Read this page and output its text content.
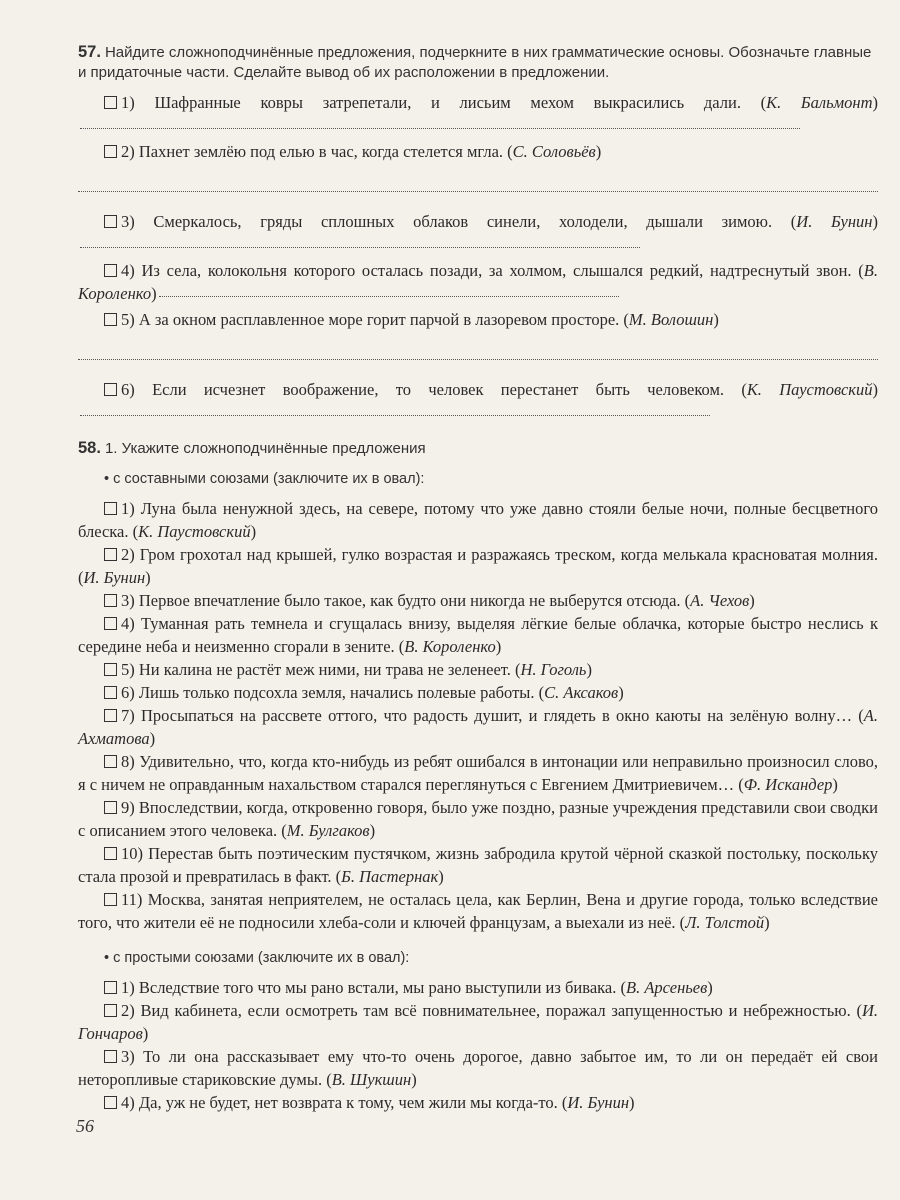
57. Найдите сложноподчинённые предложения, подчеркните в них грамматические основы. Обозначьте главные и придаточные части. Сделайте вывод об их расположении в предложении.
1) Шафранные ковры затрепетали, и лисьим мехом выкрасились дали. (К. Бальмонт)
2) Пахнет землёю под елью в час, когда стелется мгла. (С. Соловьёв)
3) Смеркалось, гряды сплошных облаков синели, холодели, дышали зимою. (И. Бунин)
4) Из села, колокольня которого осталась позади, за холмом, слышался редкий, надтреснутый звон. (В. Короленко)
5) А за окном расплавленное море горит парчой в лазоревом просторе. (М. Волошин)
6) Если исчезнет воображение, то человек перестанет быть человеком. (К. Паустовский)
58. 1. Укажите сложноподчинённые предложения
• с составными союзами (заключите их в овал):
1) Луна была ненужной здесь, на севере, потому что уже давно стояли белые ночи, полные бесцветного блеска. (К. Паустовский)
2) Гром грохотал над крышей, гулко возрастая и разражаясь треском, когда мелькала красноватая молния. (И. Бунин)
3) Первое впечатление было такое, как будто они никогда не выберутся отсюда. (А. Чехов)
4) Туманная рать темнела и сгущалась внизу, выделяя лёгкие белые облачка, которые быстро неслись к середине неба и неизменно сгорали в зените. (В. Короленко)
5) Ни калина не растёт меж ними, ни трава не зеленеет. (Н. Гоголь)
6) Лишь только подсохла земля, начались полевые работы. (С. Аксаков)
7) Просыпаться на рассвете оттого, что радость душит, и глядеть в окно каюты на зелёную волну… (А. Ахматова)
8) Удивительно, что, когда кто-нибудь из ребят ошибался в интонации или неправильно произносил слово, я с ничем не оправданным нахальством старался переглянуться с Евгением Дмитриевичем… (Ф. Искандер)
9) Впоследствии, когда, откровенно говоря, было уже поздно, разные учреждения представили свои сводки с описанием этого человека. (М. Булгаков)
10) Перестав быть поэтическим пустячком, жизнь забродила крутой чёрной сказкой постольку, поскольку стала прозой и превратилась в факт. (Б. Пастернак)
11) Москва, занятая неприятелем, не осталась цела, как Берлин, Вена и другие города, только вследствие того, что жители её не подносили хлеба-соли и ключей французам, а выехали из неё. (Л. Толстой)
• с простыми союзами (заключите их в овал):
1) Вследствие того что мы рано встали, мы рано выступили из бивака. (В. Арсеньев)
2) Вид кабинета, если осмотреть там всё повнимательнее, поражал запущенностью и небрежностью. (И. Гончаров)
3) То ли она рассказывает ему что-то очень дорогое, давно забытое им, то ли он передаёт ей свои неторопливые стариковские думы. (В. Шукшин)
4) Да, уж не будет, нет возврата к тому, чем жили мы когда-то. (И. Бунин)
56
